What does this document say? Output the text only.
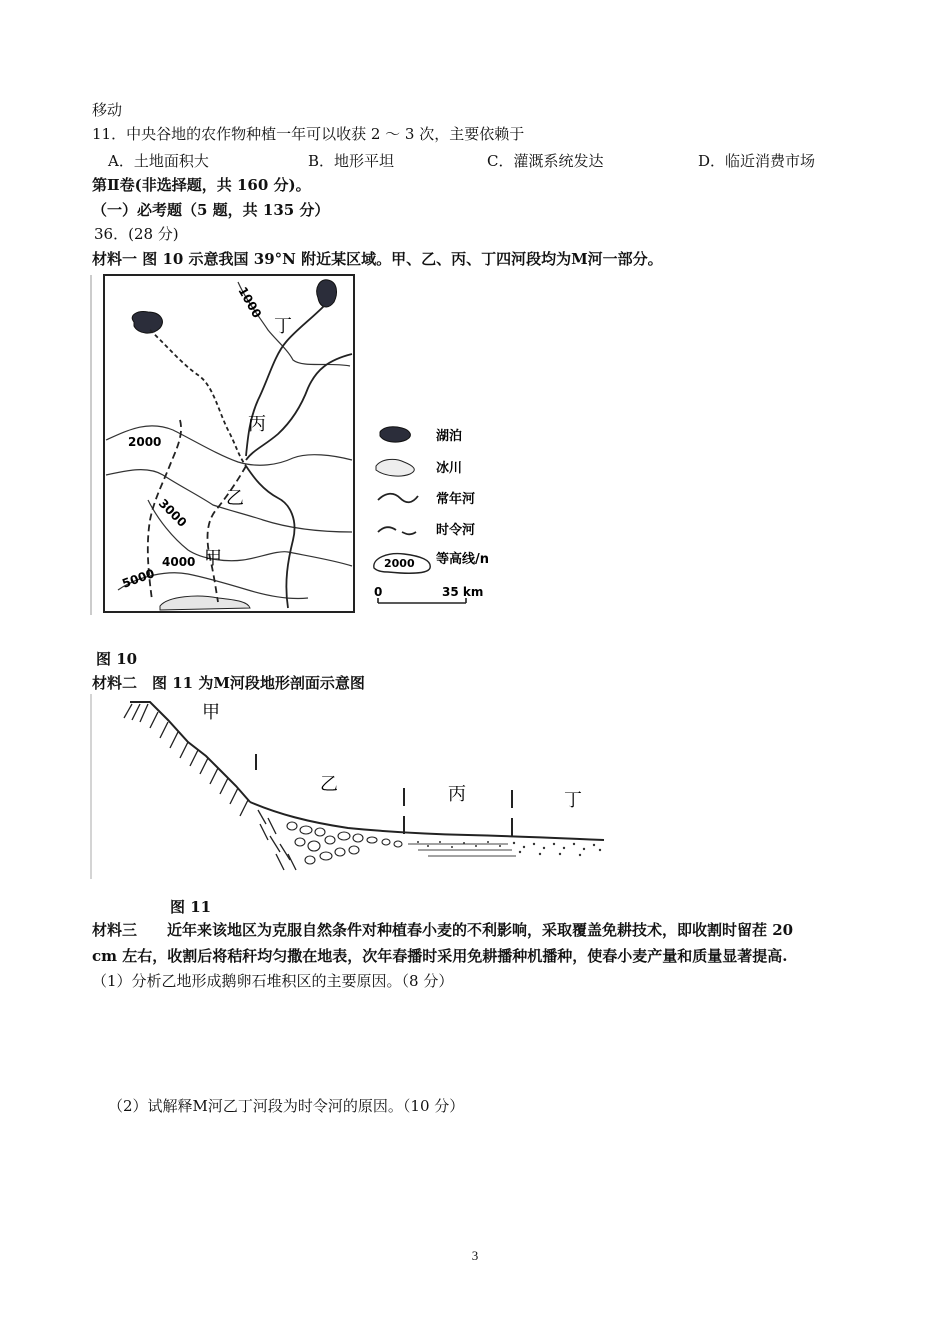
移动
11．中央谷地的农作物种植一年可以收获 2 ～ 3 次，主要依赖于
A．土地面积大	B．地形平坦	C．灌溉系统发达	D．临近消费市场
第Ⅱ卷(非选择题，共 160 分)。
（一）必考题（5 题，共 135 分）
36．(28 分)
材料一 图 10 示意我国 39°N 附近某区域。甲、乙、丙、丁四河段均为M河一部分。
1000
2000
3000
4000
5000
丁
丙
乙
甲
湖泊
冰川
常年河
时令河
2000 等高线/n
0	35 km
图 10
材料二　图 11 为M河段地形剖面示意图
甲
乙	丙	丁
图 11
材料三　　近年来该地区为克服自然条件对种植春小麦的不利影响，采取覆盖免耕技术，即收割时留茬 20
cm 左右，收割后将秸秆均匀撒在地表，次年春播时采用免耕播种机播种，使春小麦产量和质量显著提高.
（1）分析乙地形成鹅卵石堆积区的主要原因。（8 分）
（2）试解释M河乙丁河段为时令河的原因。（10 分）
3
